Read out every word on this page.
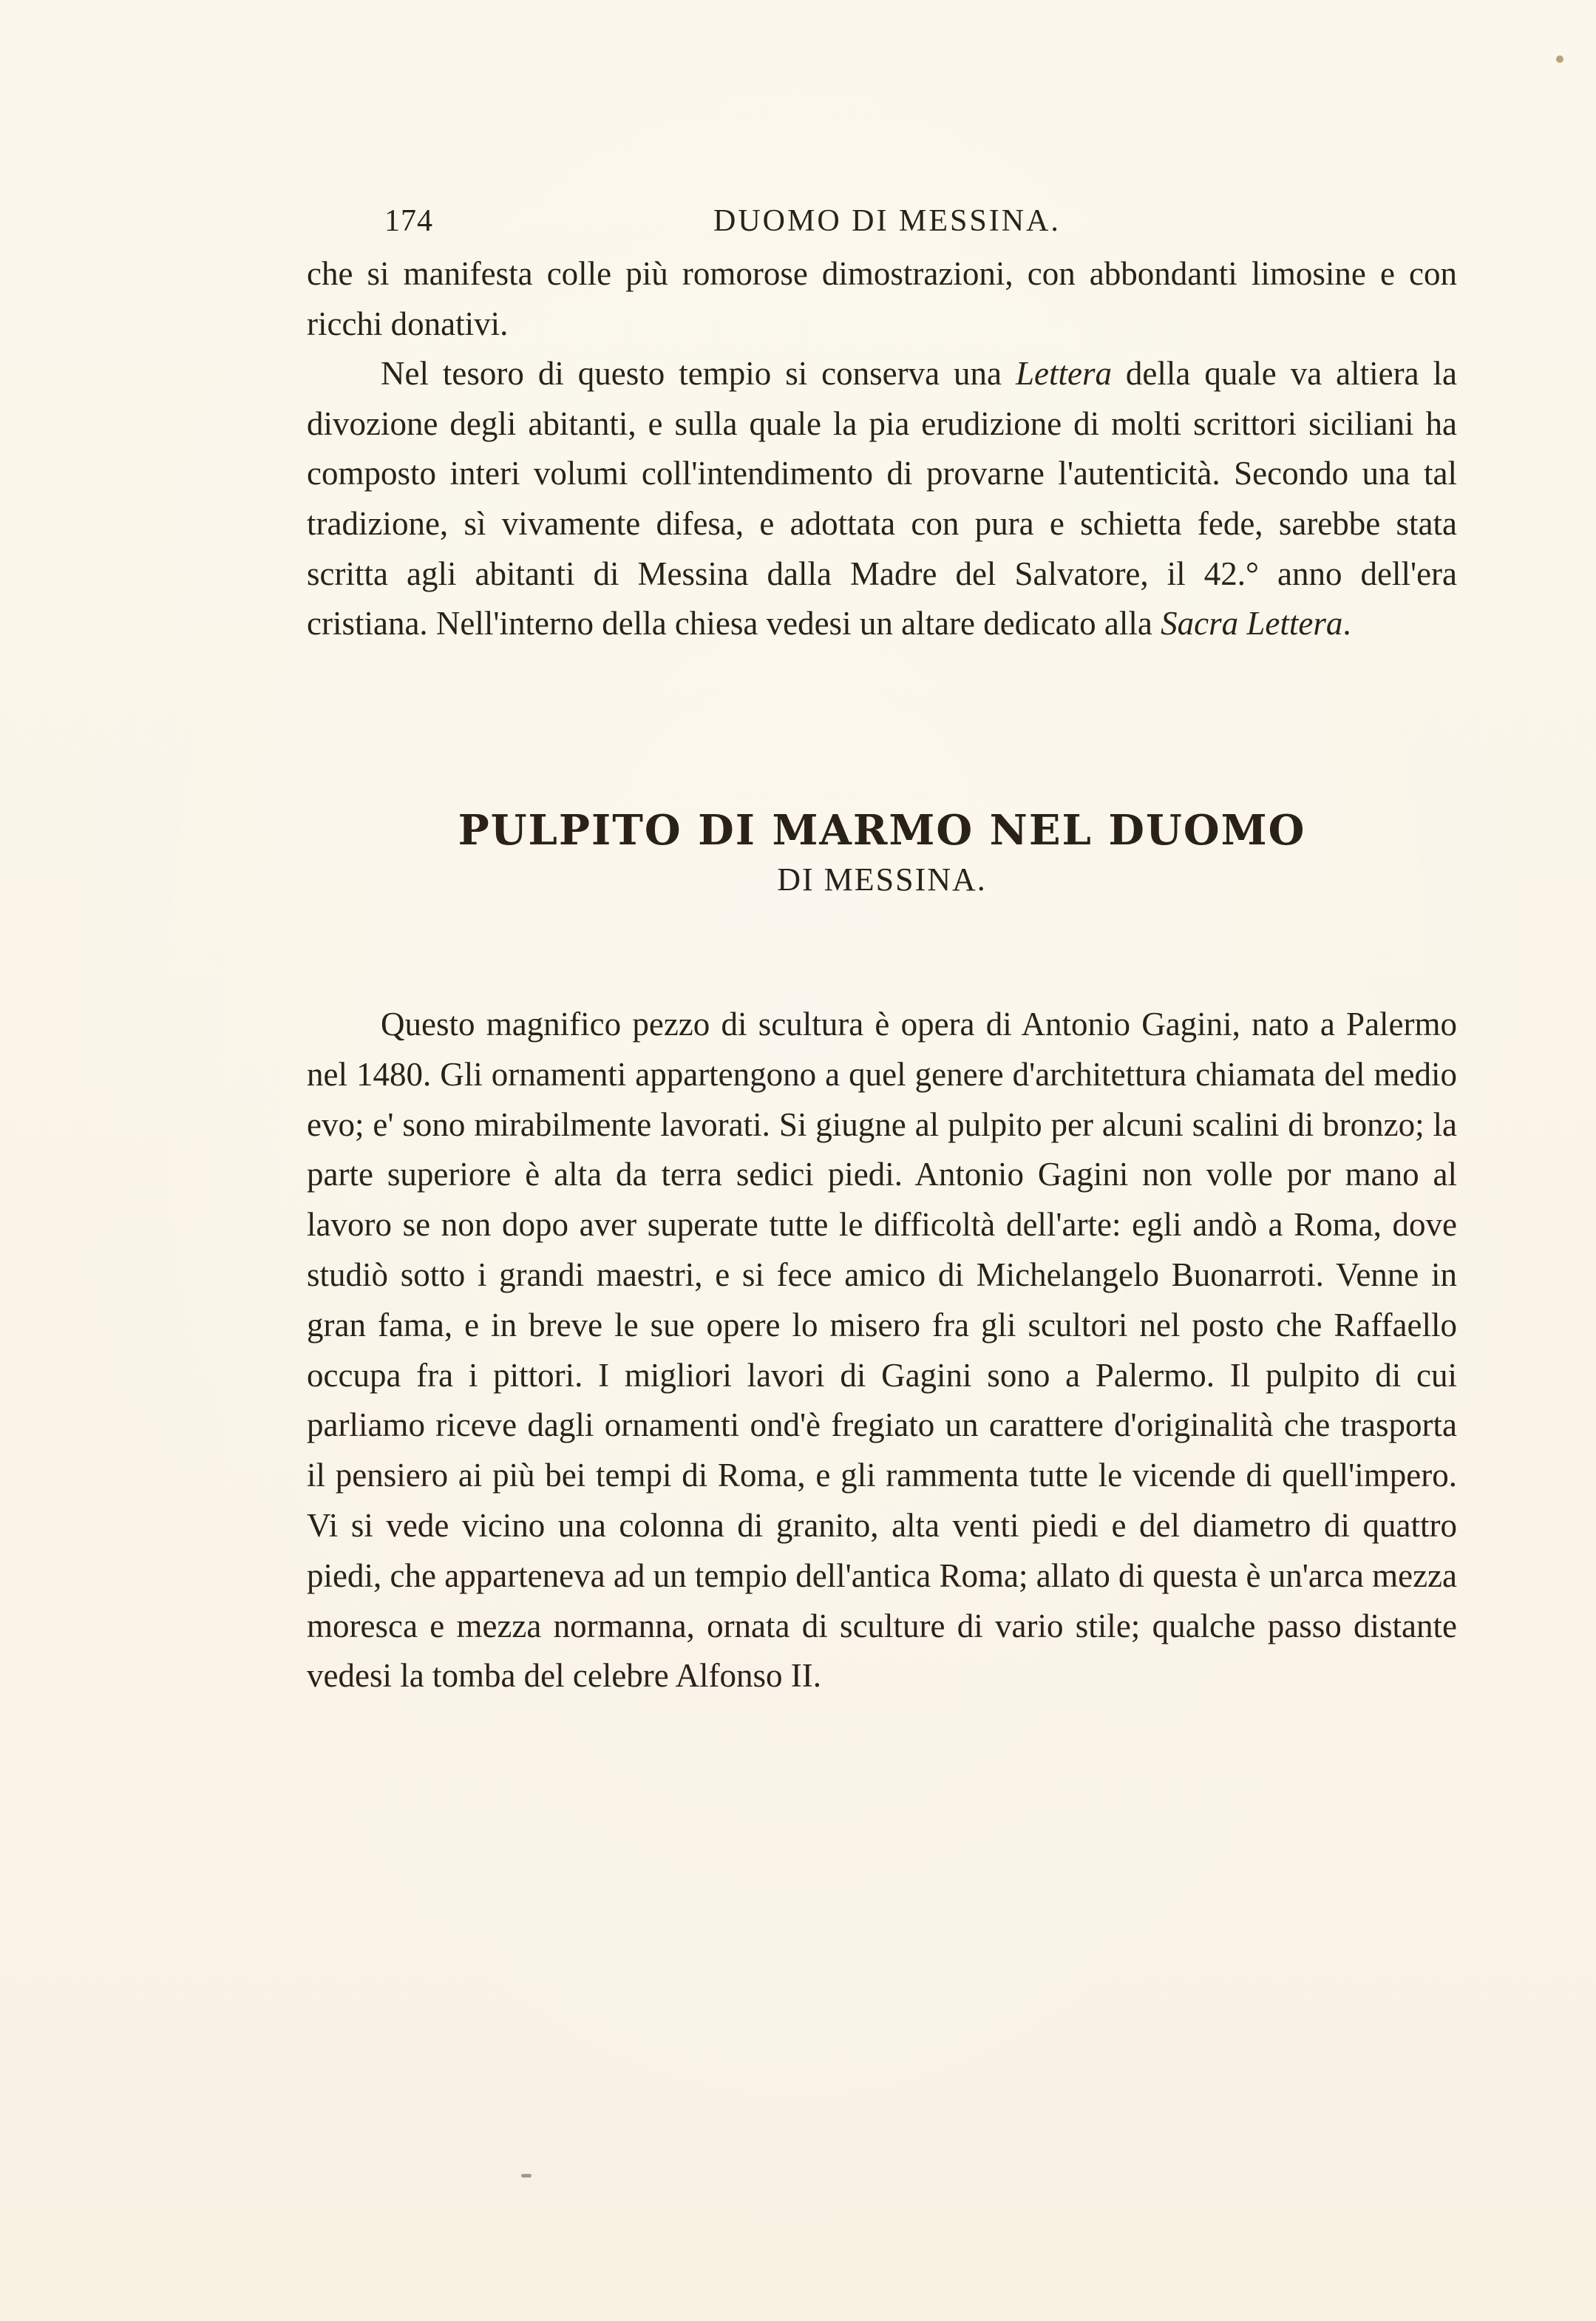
174	DUOMO DI MESSINA.

che si manifesta colle più romorose dimostrazioni, con abbondanti limosine e con ricchi donativi.

Nel tesoro di questo tempio si conserva una Lettera della quale va altiera la divozione degli abitanti, e sulla quale la pia erudizione di molti scrittori siciliani ha composto interi volumi coll'intendimento di provarne l'autenticità. Secondo una tal tradizione, sì vivamente difesa, e adottata con pura e schietta fede, sarebbe stata scritta agli abitanti di Messina dalla Madre del Salvatore, il 42.° anno dell'era cristiana. Nell'interno della chiesa vedesi un altare dedicato alla Sacra Lettera.

PULPITO DI MARMO NEL DUOMO
DI MESSINA.

Questo magnifico pezzo di scultura è opera di Antonio Gagini, nato a Palermo nel 1480. Gli ornamenti appartengono a quel genere d'architettura chiamata del medio evo; e' sono mirabilmente lavorati. Si giugne al pulpito per alcuni scalini di bronzo; la parte superiore è alta da terra sedici piedi. Antonio Gagini non volle por mano al lavoro se non dopo aver superate tutte le difficoltà dell'arte: egli andò a Roma, dove studiò sotto i grandi maestri, e si fece amico di Michelangelo Buonarroti. Venne in gran fama, e in breve le sue opere lo misero fra gli scultori nel posto che Raffaello occupa fra i pittori. I migliori lavori di Gagini sono a Palermo. Il pulpito di cui parliamo riceve dagli ornamenti ond'è fregiato un carattere d'originalità che trasporta il pensiero ai più bei tempi di Roma, e gli rammenta tutte le vicende di quell'impero. Vi si vede vicino una colonna di granito, alta venti piedi e del diametro di quattro piedi, che apparteneva ad un tempio dell'antica Roma; allato di questa è un'arca mezza moresca e mezza normanna, ornata di sculture di vario stile; qualche passo distante vedesi la tomba del celebre Alfonso II.
